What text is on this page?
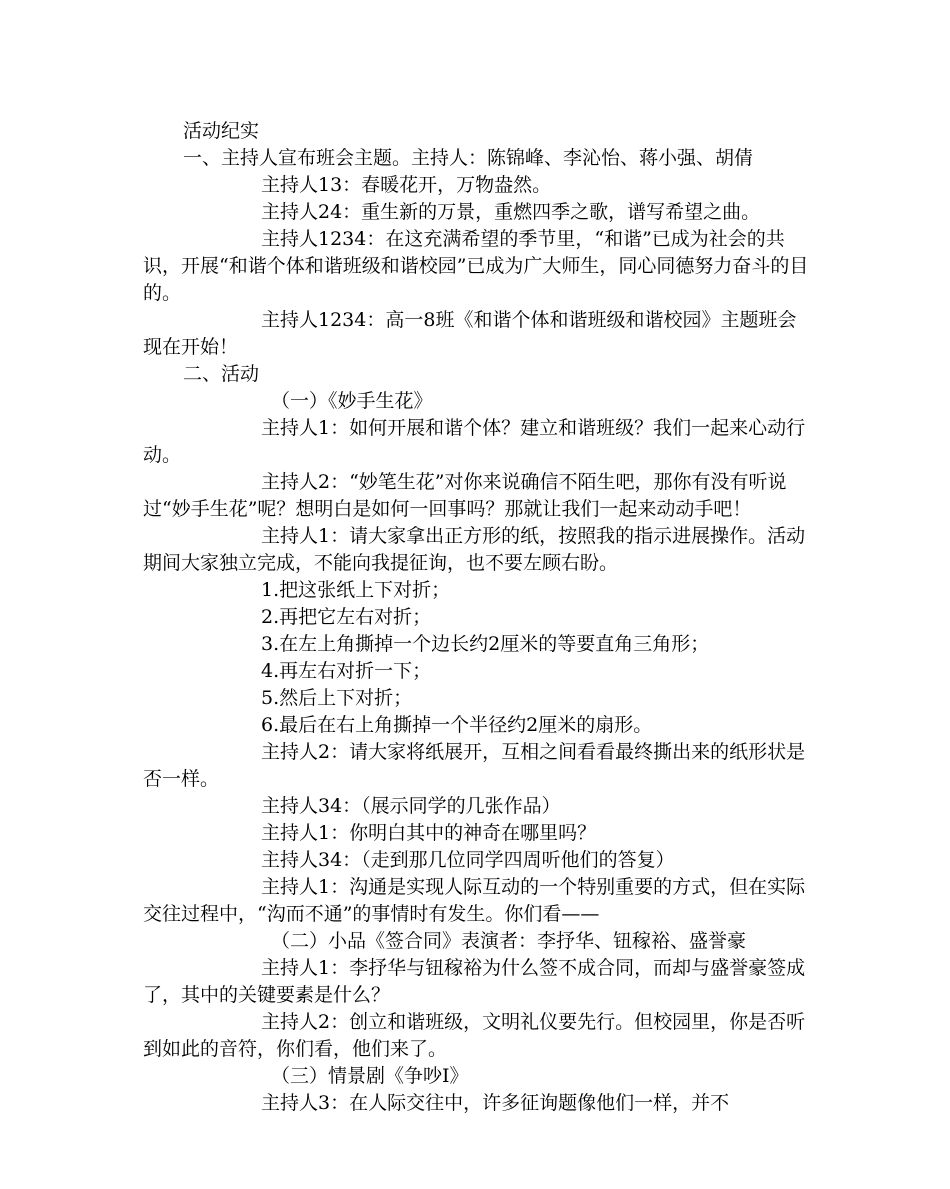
活动纪实

一、主持人宣布班会主题。主持人：陈锦峰、李沁怡、蒋小强、胡倩

主持人13：春暖花开，万物盎然。

主持人24：重生新的万景，重燃四季之歌，谱写希望之曲。

主持人1234：在这充满希望的季节里，“和谐”已成为社会的共识，开展“和谐个体和谐班级和谐校园”已成为广大师生，同心同德努力奋斗的目的。

主持人1234：高一8班《和谐个体和谐班级和谐校园》主题班会现在开始！

二、活动

（一）《妙手生花》

主持人1：如何开展和谐个体？建立和谐班级？我们一起来心动行动。

主持人2：“妙笔生花”对你来说确信不陌生吧，那你有没有听说过“妙手生花”呢？想明白是如何一回事吗？那就让我们一起来动动手吧！

主持人1：请大家拿出正方形的纸，按照我的指示进展操作。活动期间大家独立完成，不能向我提征询，也不要左顾右盼。

1.把这张纸上下对折；

2.再把它左右对折；

3.在左上角撕掉一个边长约2厘米的等要直角三角形；

4.再左右对折一下；

5.然后上下对折；

6.最后在右上角撕掉一个半径约2厘米的扇形。

主持人2：请大家将纸展开，互相之间看看最终撕出来的纸形状是否一样。

主持人34：（展示同学的几张作品）

主持人1：你明白其中的神奇在哪里吗？

主持人34：（走到那几位同学四周听他们的答复）

主持人1：沟通是实现人际互动的一个特别重要的方式，但在实际交往过程中，“沟而不通”的事情时有发生。你们看——

（二）小品《签合同》表演者：李抒华、钮稼裕、盛誉豪

主持人1：李抒华与钮稼裕为什么签不成合同，而却与盛誉豪签成了，其中的关键要素是什么？

主持人2：创立和谐班级，文明礼仪要先行。但校园里，你是否听到如此的音符，你们看，他们来了。

（三）情景剧《争吵Ⅰ》

主持人3：在人际交往中，许多征询题像他们一样，并不
